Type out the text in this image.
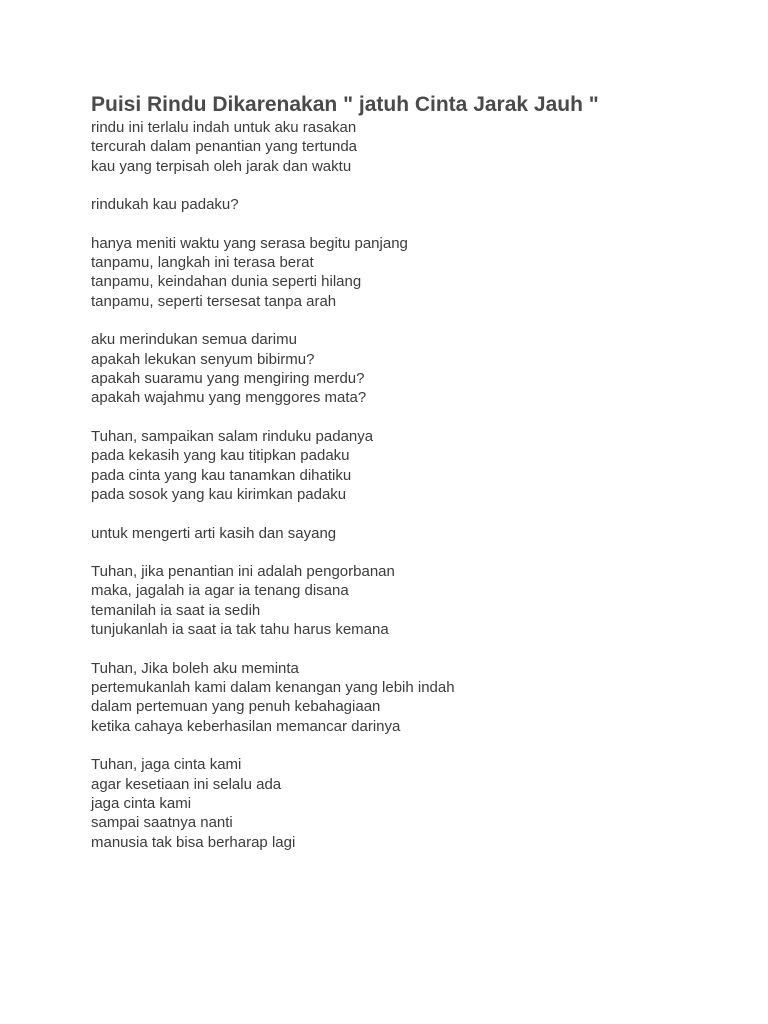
Puisi Rindu Dikarenakan " jatuh Cinta Jarak Jauh "
rindu ini terlalu indah untuk aku rasakan
tercurah dalam penantian yang tertunda
kau yang terpisah oleh jarak dan waktu
rindukah kau padaku?
hanya meniti waktu yang serasa begitu panjang
tanpamu, langkah ini terasa berat
tanpamu, keindahan dunia seperti hilang
tanpamu, seperti tersesat tanpa arah
aku merindukan semua darimu
apakah lekukan senyum bibirmu?
apakah suaramu yang mengiring merdu?
apakah wajahmu yang menggores mata?
Tuhan, sampaikan salam rinduku padanya
pada kekasih yang kau titipkan padaku
pada cinta yang kau tanamkan dihatiku
pada sosok yang kau kirimkan padaku
untuk mengerti arti kasih dan sayang
Tuhan, jika penantian ini adalah pengorbanan
maka, jagalah ia agar ia tenang disana
temanilah ia saat ia sedih
tunjukanlah ia saat ia tak tahu harus kemana
Tuhan, Jika boleh aku meminta
pertemukanlah kami dalam kenangan yang lebih indah
dalam pertemuan yang penuh kebahagiaan
ketika cahaya keberhasilan memancar darinya
Tuhan, jaga cinta kami
agar kesetiaan ini selalu ada
jaga cinta kami
sampai saatnya nanti
manusia tak bisa berharap lagi
